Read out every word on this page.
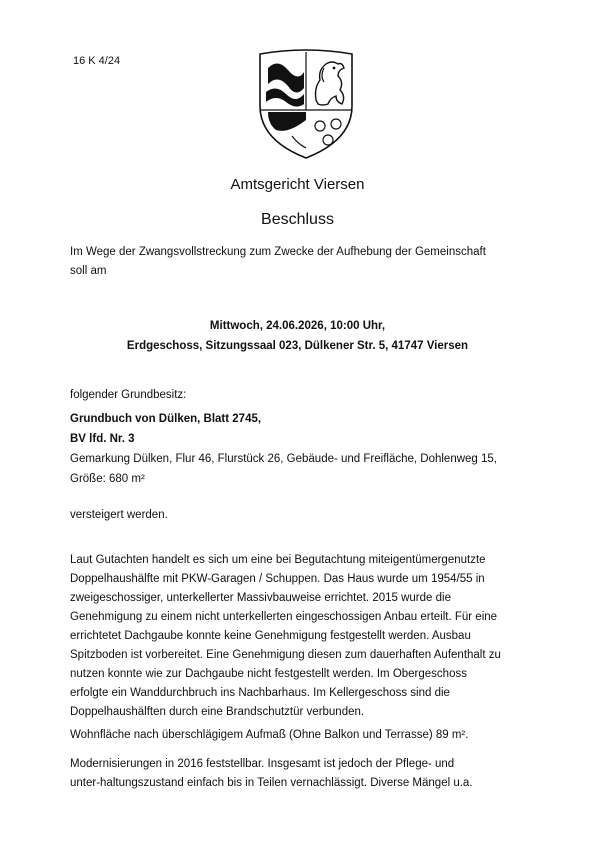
16 K 4/24
Amtsgericht Viersen
Beschluss

Im Wege der Zwangsvollstreckung zum Zwecke der Aufhebung der Gemeinschaft

soll am

Mittwoch, 24.06.2026, 10:00 Uhr,

Erdgeschoss, Sitzungssaal 023, Dülkener Str. 5, 41747 Viersen

folgender Grundbesitz:

Grundbuch von Dülken, Blatt 2745,

BV lfd. Nr. 3

Gemarkung Dülken, Flur 46, Flurstück 26, Gebäude- und Freifläche, Dohlenweg 15,

Größe: 680 m²

versteigert werden.

Laut Gutachten handelt es sich um eine bei Begutachtung miteigentümergenutzte

Doppelhaushälfte mit PKW-Garagen / Schuppen. Das Haus wurde um 1954/55 in

zweigeschossiger, unterkellerter Massivbauweise errichtet. 2015 wurde die

Genehmigung zu einem nicht unterkellerten eingeschossigen Anbau erteilt. Für eine

errichtetet Dachgaube konnte keine Genehmigung festgestellt werden. Ausbau

Spitzboden ist vorbereitet. Eine Genehmigung diesen zum dauerhaften Aufenthalt zu

nutzen konnte wie zur Dachgaube nicht festgestellt werden. Im Obergeschoss

erfolgte ein Wanddurchbruch ins Nachbarhaus. Im Kellergeschoss sind die

Doppelhaushälften durch eine Brandschutztür verbunden.

Wohnfläche nach überschlägigem Aufmaß (Ohne Balkon und Terrasse) 89 m².

Modernisierungen in 2016 feststellbar. Insgesamt ist jedoch der Pflege- und

unter-haltungszustand einfach bis in Teilen vernachlässigt. Diverse Mängel u.a.
